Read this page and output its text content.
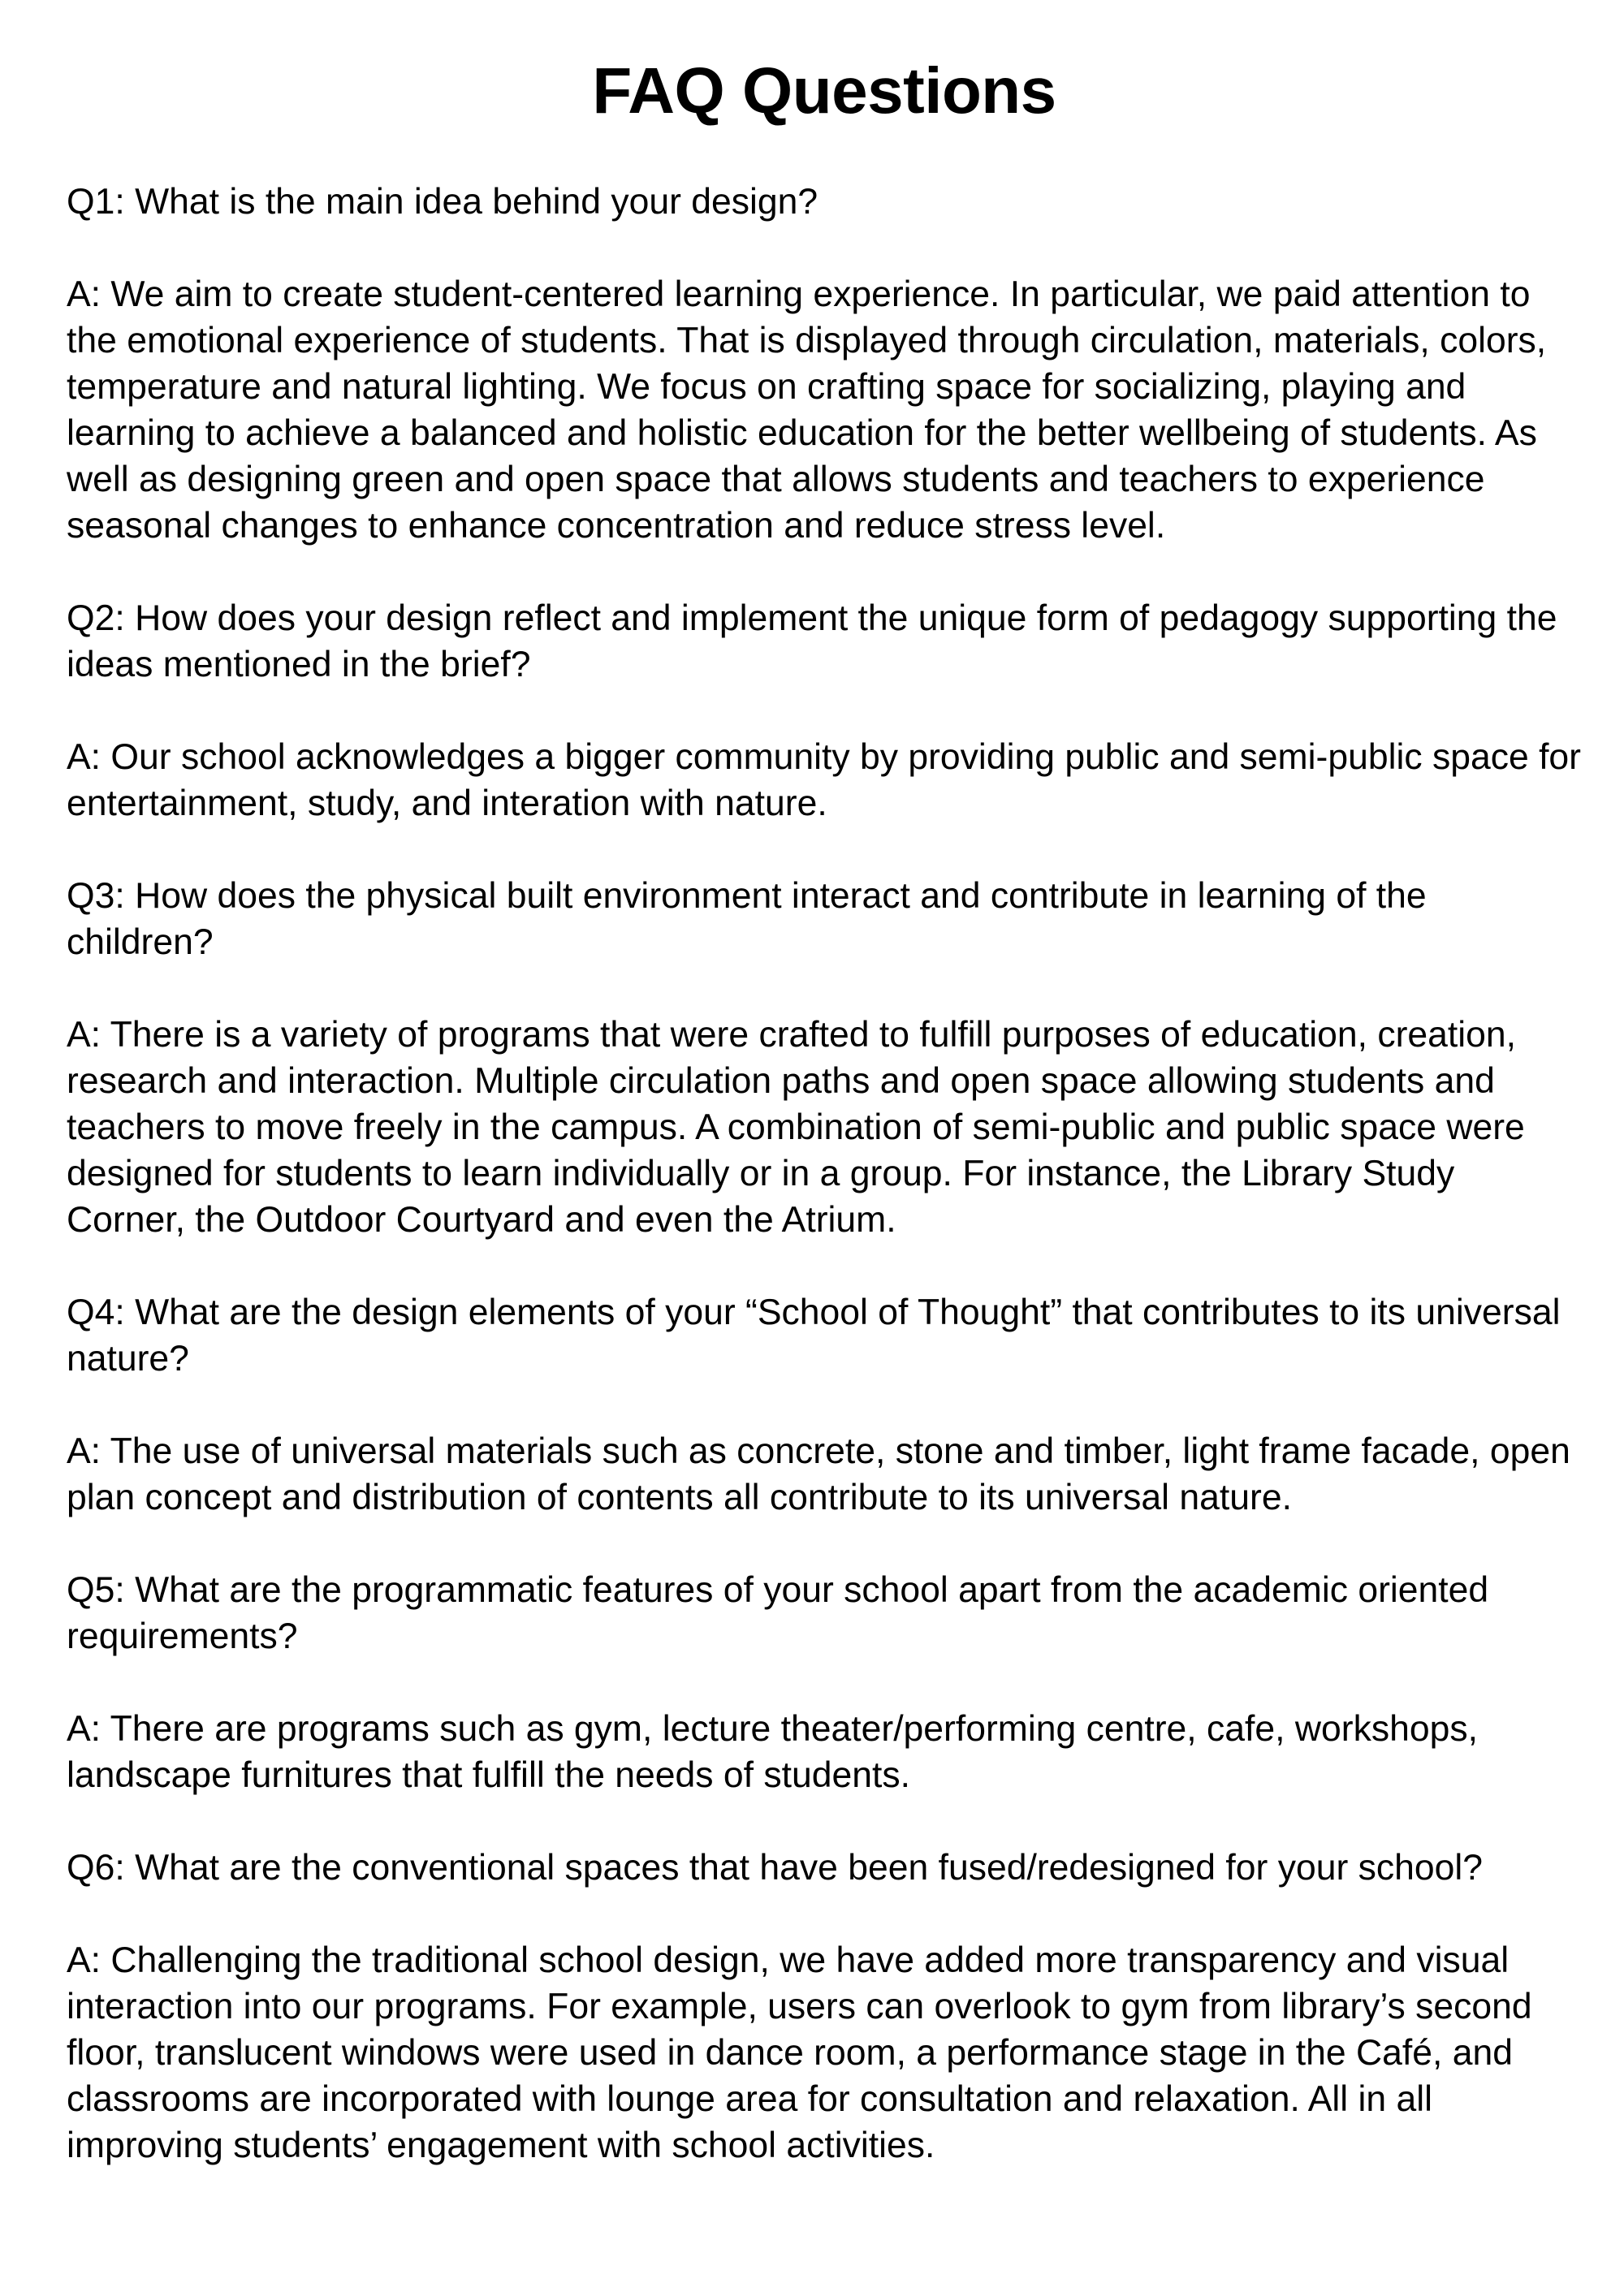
FAQ Questions

Q1: What is the main idea behind your design?

A: We aim to create student-centered learning experience. In particular, we paid attention to the emotional experience of students. That is displayed through circulation, materials, colors, temperature and natural lighting. We focus on crafting space for socializing, playing and learning to achieve a balanced and holistic education for the better wellbeing of students. As well as designing green and open space that allows students and teachers to experience seasonal changes to enhance concentration and reduce stress level.

Q2: How does your design reflect and implement the unique form of pedagogy supporting the ideas mentioned in the brief?

A: Our school acknowledges a bigger community by providing public and semi-public space for entertainment, study, and interation with nature.

Q3: How does the physical built environment interact and contribute in learning of the children?

A: There is a variety of programs that were crafted to fulfill purposes of education, creation, research and interaction. Multiple circulation paths and open space allowing students and teachers to move freely in the campus. A combination of semi-public and public space were designed for students to learn individually or in a group. For instance, the Library Study Corner, the Outdoor Courtyard and even the Atrium.

Q4: What are the design elements of your “School of Thought” that contributes to its universal nature?

A: The use of universal materials such as concrete, stone and timber, light frame facade, open plan concept and distribution of contents all contribute to its universal nature.

Q5: What are the programmatic features of your school apart from the academic oriented requirements?

A: There are programs such as gym, lecture theater/performing centre, cafe, workshops, landscape furnitures that fulfill the needs of students.

Q6: What are the conventional spaces that have been fused/redesigned for your school?

A: Challenging the traditional school design, we have added more transparency and visual interaction into our programs. For example, users can overlook to gym from library’s second floor, translucent windows were used in dance room, a performance stage in the Café, and classrooms are incorporated with lounge area for consultation and relaxation. All in all improving students’ engagement with school activities.
